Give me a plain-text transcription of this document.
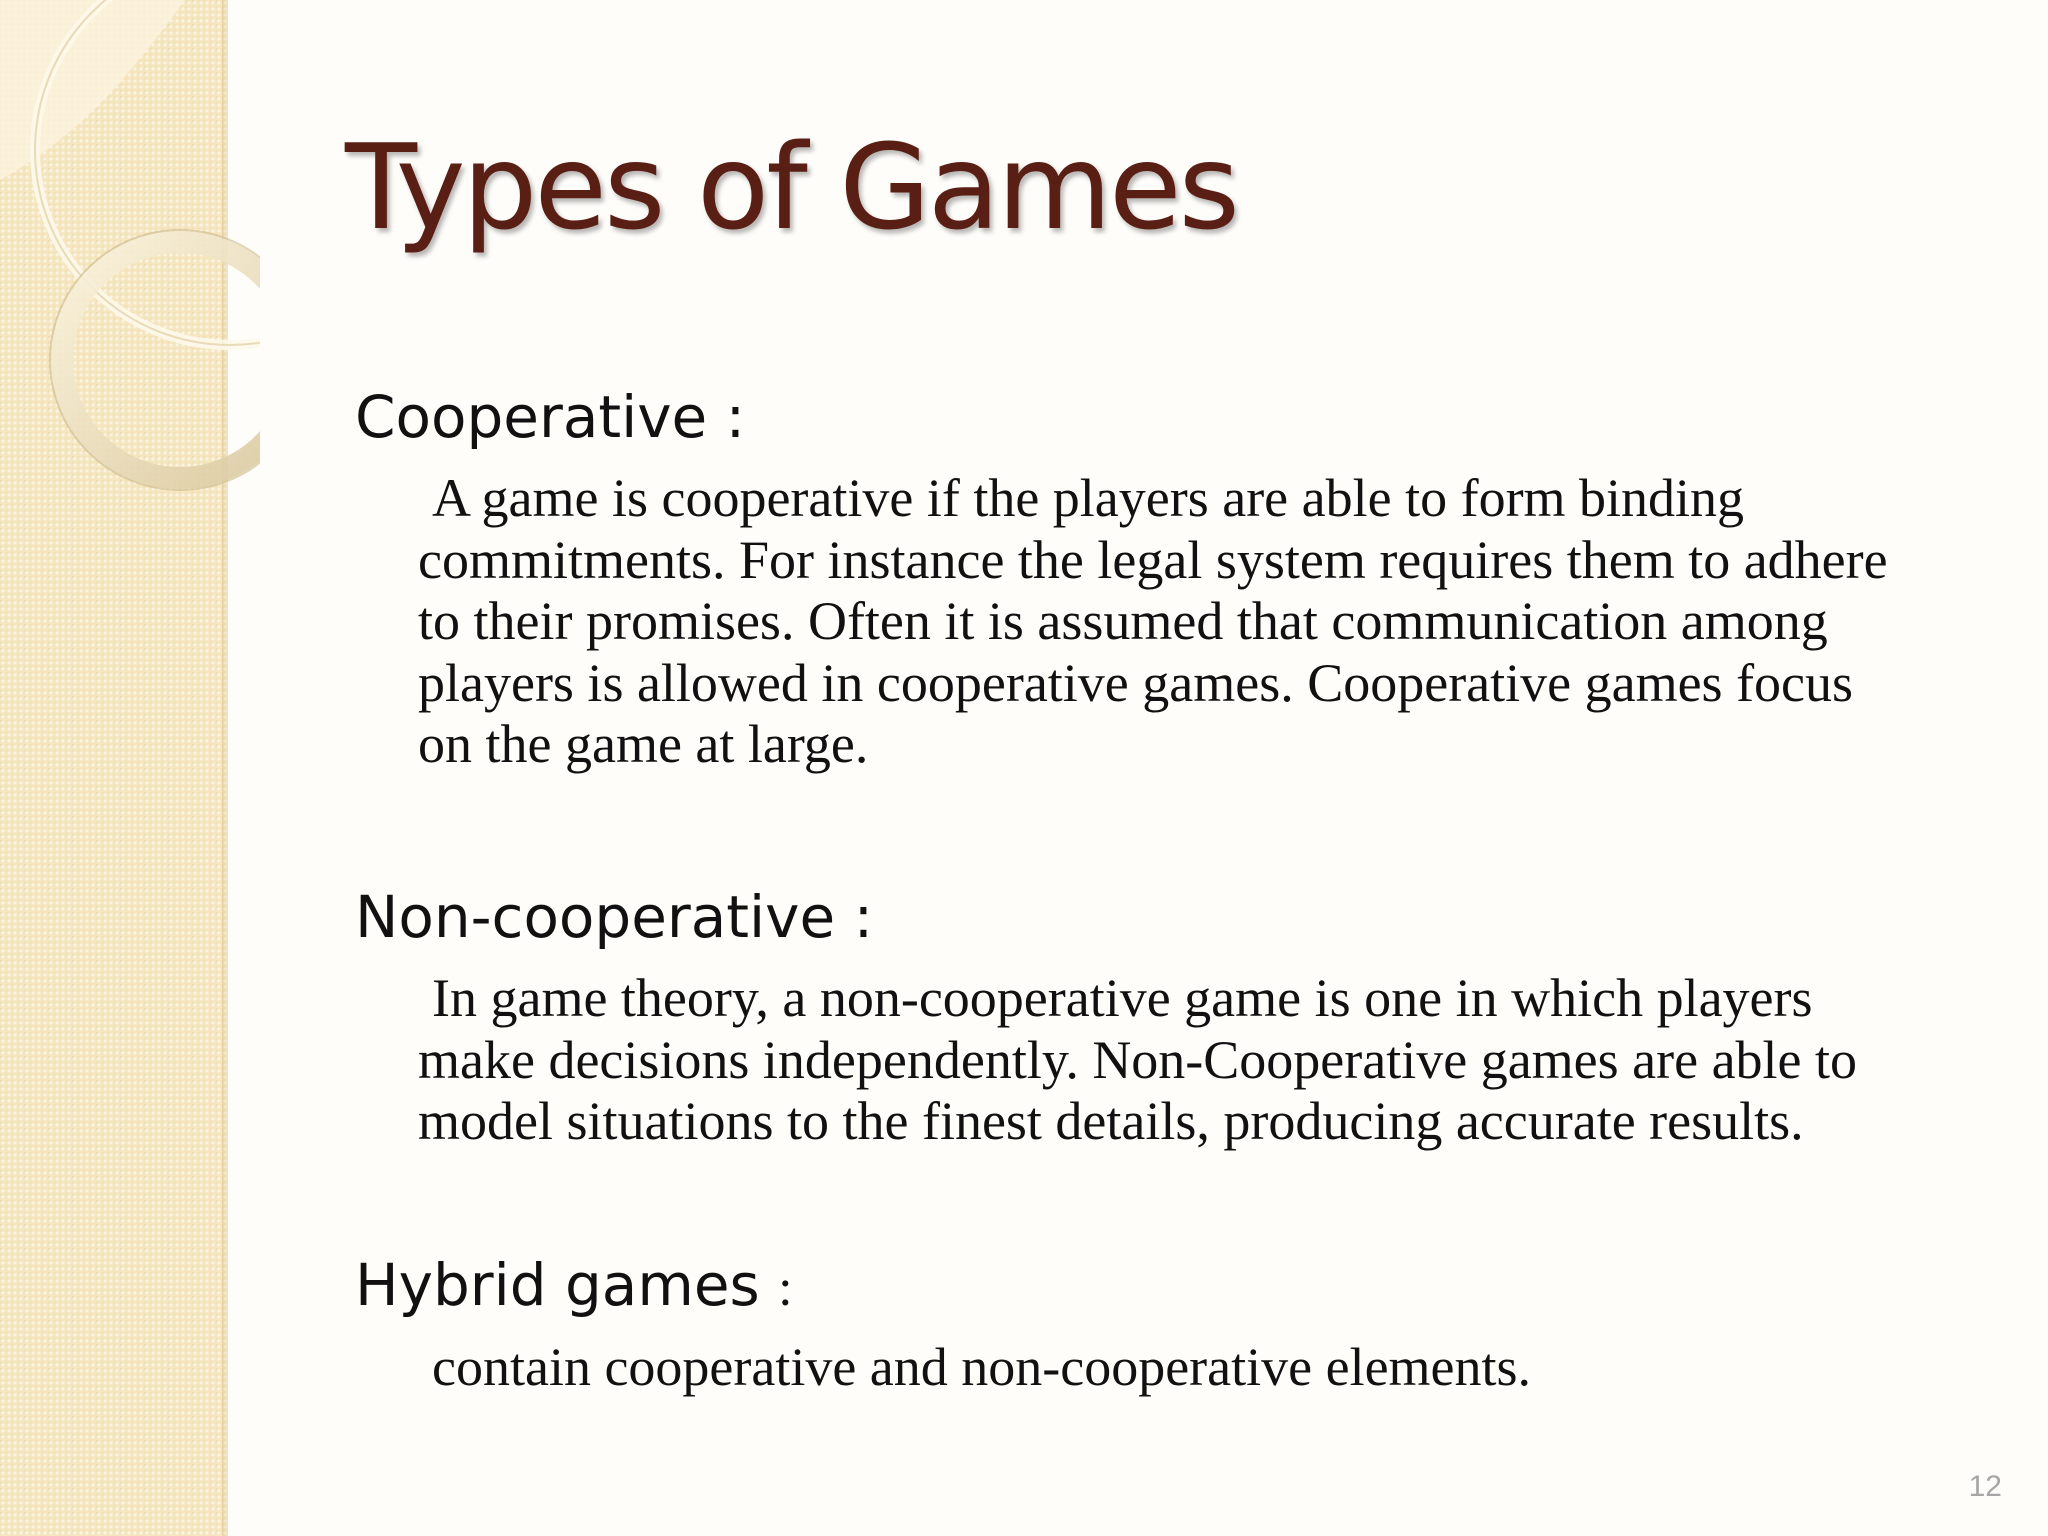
Types of Games
Cooperative :
A game is cooperative if the players are able to form binding
commitments. For instance the legal system requires them to adhere
to their promises. Often it is assumed that communication among
players is allowed in cooperative games. Cooperative games focus
on the game at large.
Non-cooperative :
In game theory, a non-cooperative game is one in which players
make decisions independently. Non-Cooperative games are able to
model situations to the finest details, producing accurate results.
Hybrid games :
contain cooperative and non-cooperative elements.
12
